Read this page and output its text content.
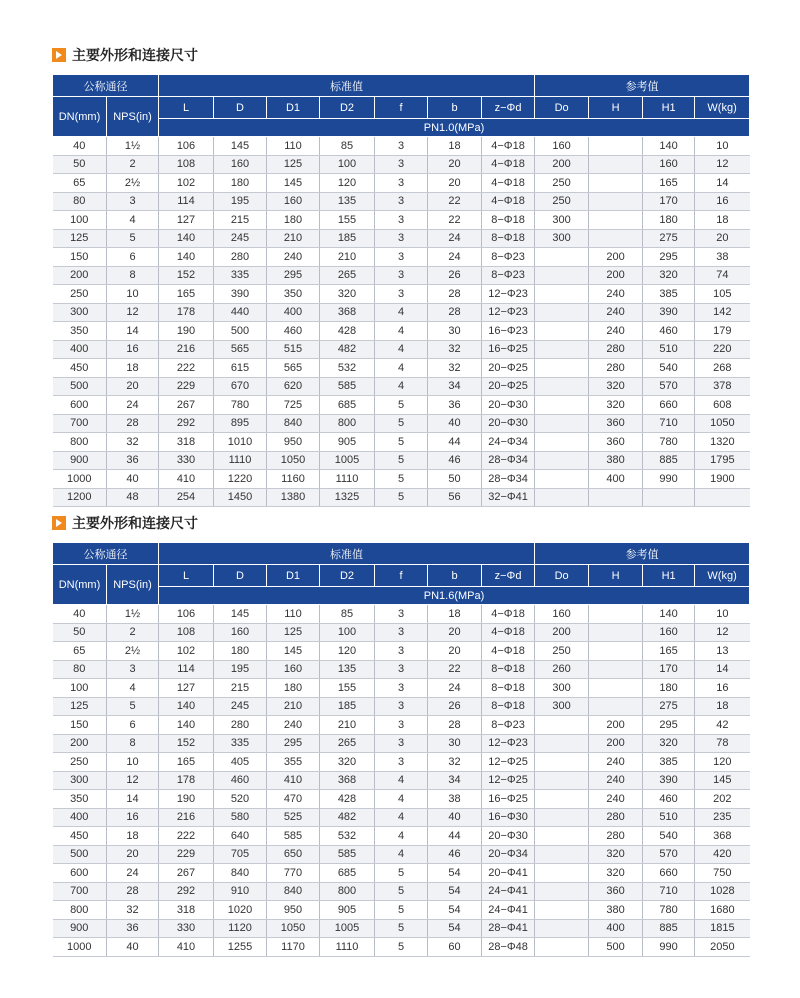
主要外形和连接尺寸
公称通径		标准值							参考值			
DN(mm)	NPS(in)	L	D	D1	D2	f	b	z−Φd	Do	H	H1	W(kg)
		PN1.0(MPa)										
40	1½	106	145	110	85	3	18	4−Φ18	160		140	10
50	2	108	160	125	100	3	20	4−Φ18	200		160	12
65	2½	102	180	145	120	3	20	4−Φ18	250		165	14
80	3	114	195	160	135	3	22	4−Φ18	250		170	16
100	4	127	215	180	155	3	22	8−Φ18	300		180	18
125	5	140	245	210	185	3	24	8−Φ18	300		275	20
150	6	140	280	240	210	3	24	8−Φ23		200	295	38
200	8	152	335	295	265	3	26	8−Φ23		200	320	74
250	10	165	390	350	320	3	28	12−Φ23		240	385	105
300	12	178	440	400	368	4	28	12−Φ23		240	390	142
350	14	190	500	460	428	4	30	16−Φ23		240	460	179
400	16	216	565	515	482	4	32	16−Φ25		280	510	220
450	18	222	615	565	532	4	32	20−Φ25		280	540	268
500	20	229	670	620	585	4	34	20−Φ25		320	570	378
600	24	267	780	725	685	5	36	20−Φ30		320	660	608
700	28	292	895	840	800	5	40	20−Φ30		360	710	1050
800	32	318	1010	950	905	5	44	24−Φ34		360	780	1320
900	36	330	1110	1050	1005	5	46	28−Φ34		380	885	1795
1000	40	410	1220	1160	1110	5	50	28−Φ34		400	990	1900
1200	48	254	1450	1380	1325	5	56	32−Φ41				
主要外形和连接尺寸
公称通径		标准值							参考值			
DN(mm)	NPS(in)	L	D	D1	D2	f	b	z−Φd	Do	H	H1	W(kg)
		PN1.6(MPa)										
40	1½	106	145	110	85	3	18	4−Φ18	160		140	10
50	2	108	160	125	100	3	20	4−Φ18	200		160	12
65	2½	102	180	145	120	3	20	4−Φ18	250		165	13
80	3	114	195	160	135	3	22	8−Φ18	260		170	14
100	4	127	215	180	155	3	24	8−Φ18	300		180	16
125	5	140	245	210	185	3	26	8−Φ18	300		275	18
150	6	140	280	240	210	3	28	8−Φ23		200	295	42
200	8	152	335	295	265	3	30	12−Φ23		200	320	78
250	10	165	405	355	320	3	32	12−Φ25		240	385	120
300	12	178	460	410	368	4	34	12−Φ25		240	390	145
350	14	190	520	470	428	4	38	16−Φ25		240	460	202
400	16	216	580	525	482	4	40	16−Φ30		280	510	235
450	18	222	640	585	532	4	44	20−Φ30		280	540	368
500	20	229	705	650	585	4	46	20−Φ34		320	570	420
600	24	267	840	770	685	5	54	20−Φ41		320	660	750
700	28	292	910	840	800	5	54	24−Φ41		360	710	1028
800	32	318	1020	950	905	5	54	24−Φ41		380	780	1680
900	36	330	1120	1050	1005	5	54	28−Φ41		400	885	1815
1000	40	410	1255	1170	1110	5	60	28−Φ48		500	990	2050
